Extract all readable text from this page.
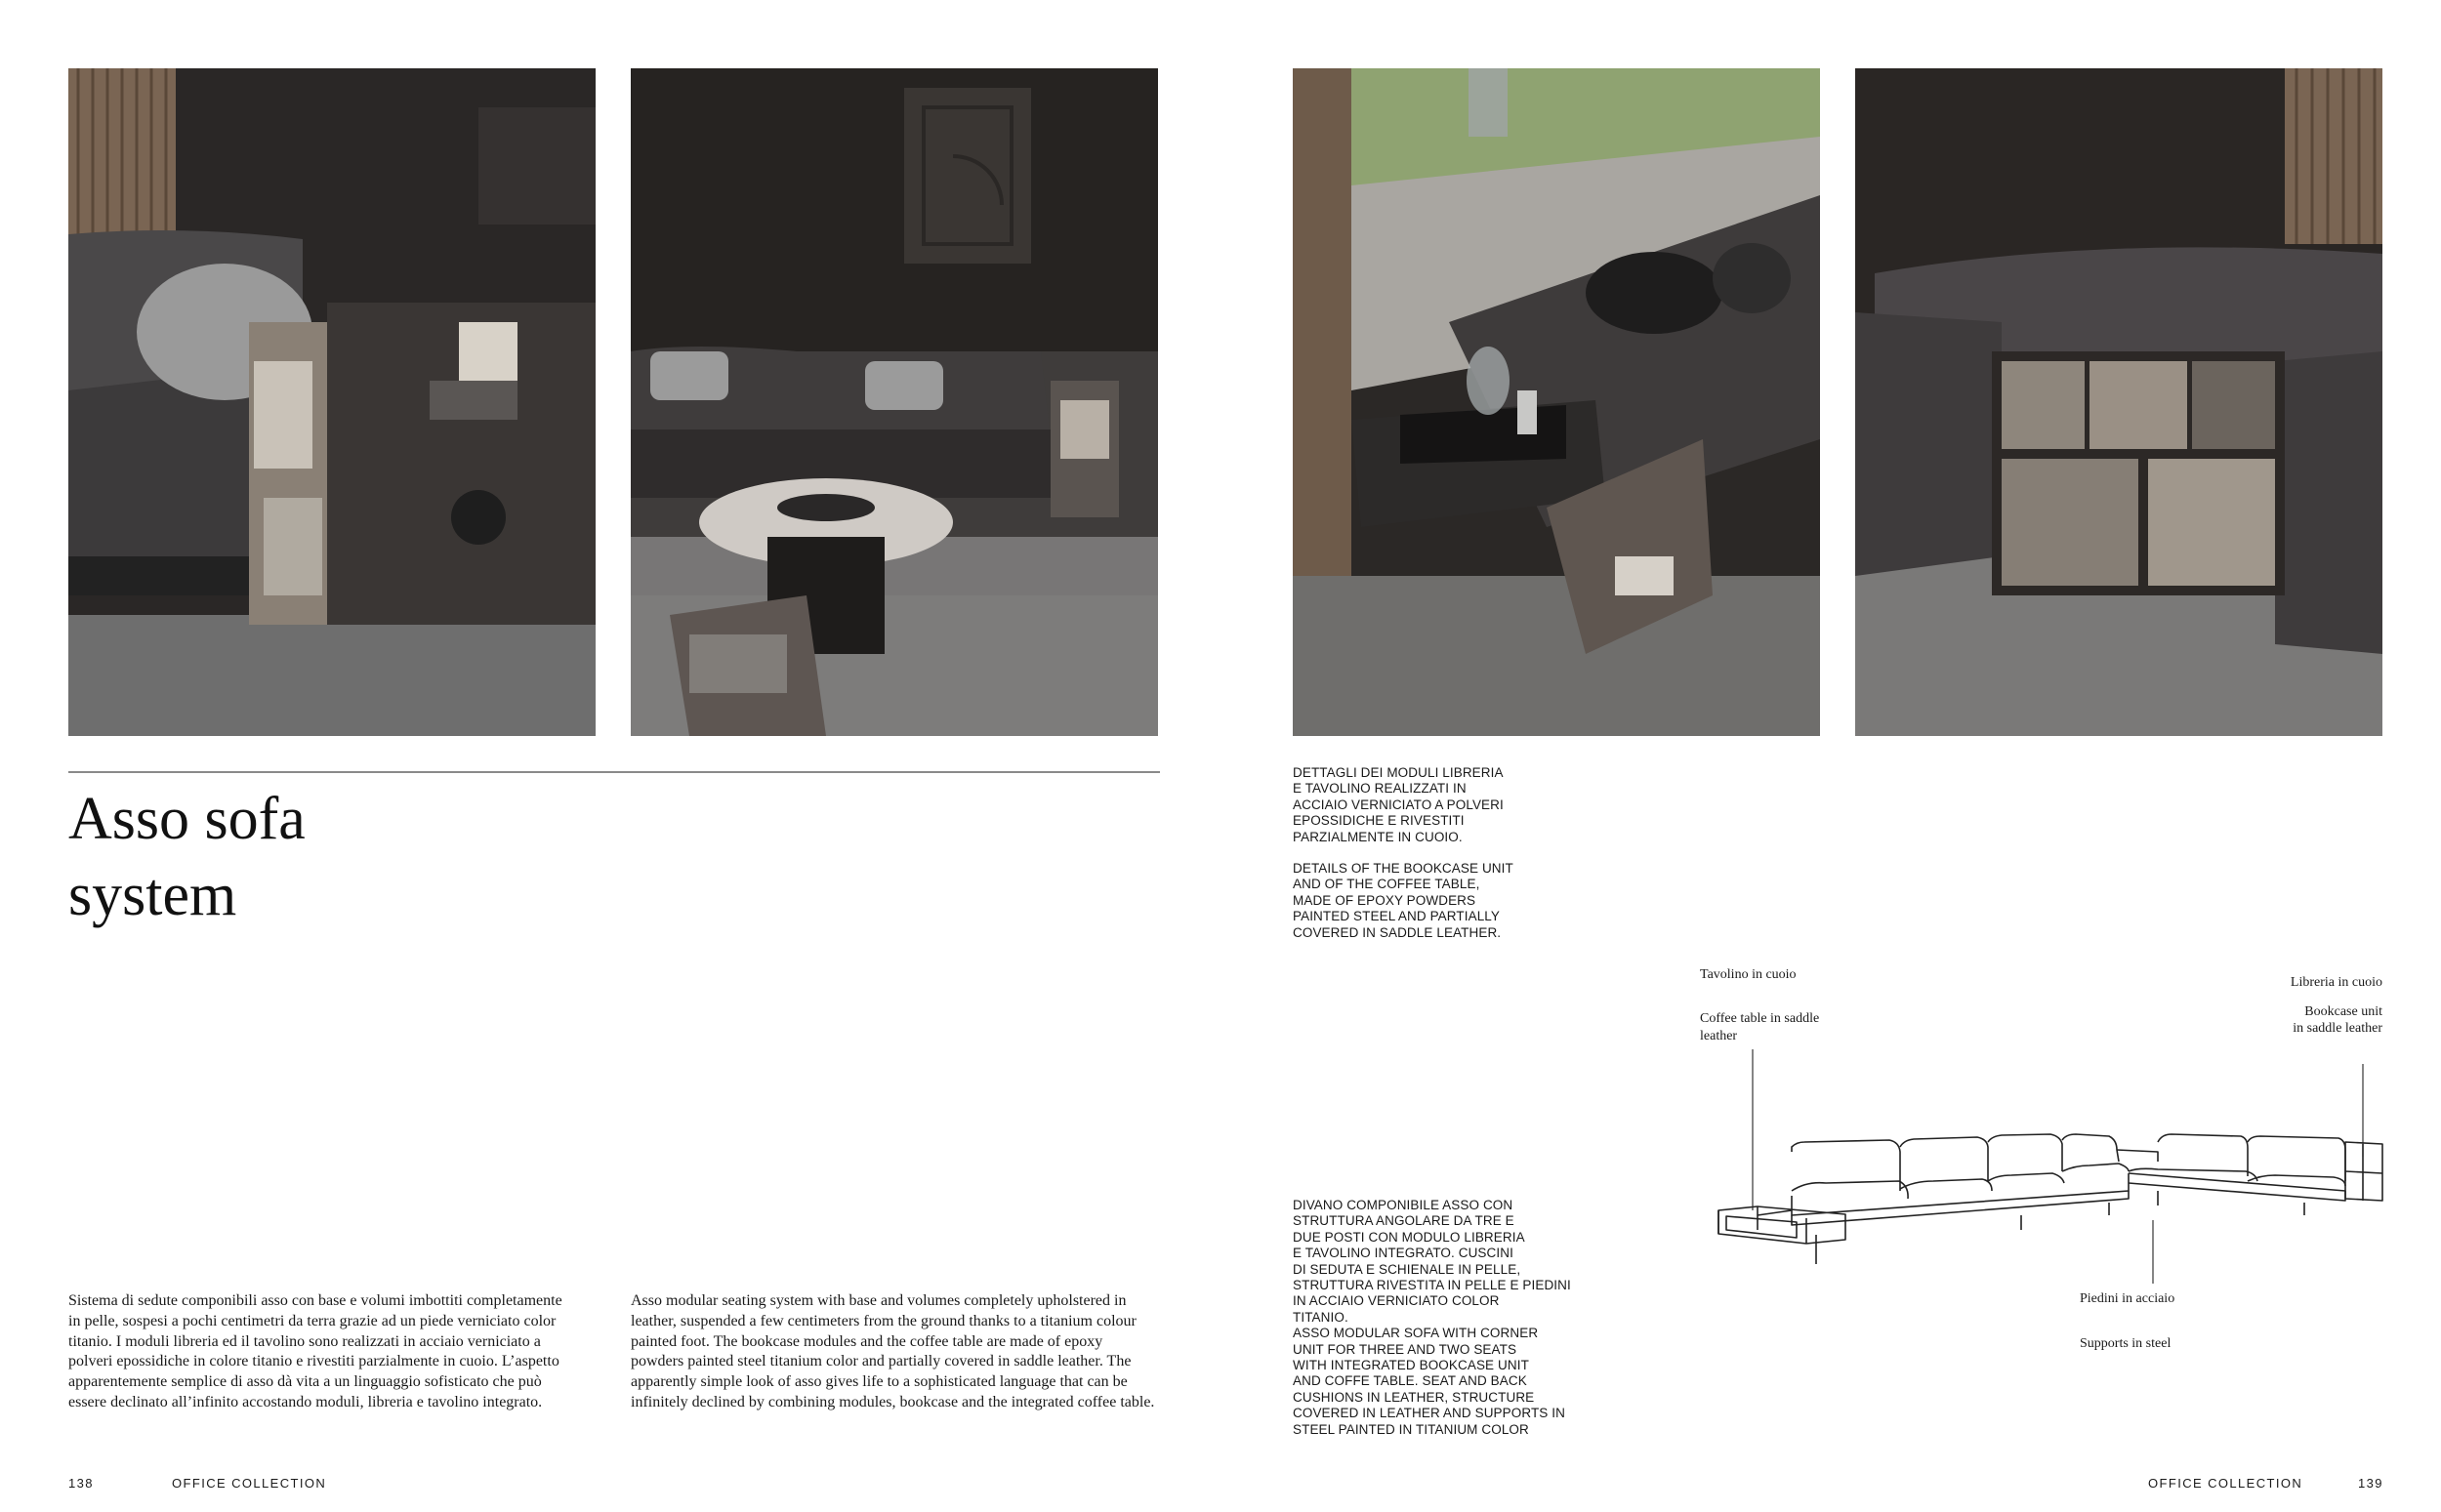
Asso sofa
system
Sistema di sedute componibili asso con base e volumi imbottiti completamente in pelle, sospesi a pochi centimetri da terra grazie ad un piede verniciato color titanio. I moduli libreria ed il tavolino sono realizzati in acciaio verniciato a polveri epossidiche in colore titanio e rivestiti parzialmente in cuoio. L’aspetto apparentemente semplice di asso dà vita a un linguaggio sofisticato che può essere declinato all’infinito accostando moduli, libreria e tavolino integrato.
Asso modular seating system with base and volumes completely upholstered in leather, suspended a few centimeters from the ground thanks to a titanium colour painted foot. The bookcase modules and the coffee table are made of epoxy powders painted steel titanium color and partially covered in saddle leather. The apparently simple look of asso gives life to a sophisticated language that can be infinitely declined by combining modules, bookcase and the integrated coffee table.
138	OFFICE COLLECTION
DETTAGLI DEI MODULI LIBRERIA
E TAVOLINO REALIZZATI IN
ACCIAIO VERNICIATO A POLVERI
EPOSSIDICHE E RIVESTITI
PARZIALMENTE IN CUOIO.
DETAILS OF THE BOOKCASE UNIT
AND OF THE COFFEE TABLE,
MADE OF EPOXY POWDERS
PAINTED STEEL AND PARTIALLY
COVERED IN SADDLE LEATHER.
DIVANO COMPONIBILE ASSO CON
STRUTTURA ANGOLARE DA TRE E
DUE POSTI CON MODULO LIBRERIA
E TAVOLINO INTEGRATO. CUSCINI
DI SEDUTA E SCHIENALE IN PELLE,
STRUTTURA RIVESTITA IN PELLE E PIEDINI
IN ACCIAIO VERNICIATO COLOR
TITANIO.
ASSO MODULAR SOFA WITH CORNER
UNIT FOR THREE AND TWO SEATS
WITH INTEGRATED BOOKCASE UNIT
AND COFFE TABLE. SEAT AND BACK
CUSHIONS IN LEATHER, STRUCTURE
COVERED IN LEATHER AND SUPPORTS IN
STEEL PAINTED IN TITANIUM COLOR
Tavolino in cuoio
Coffee table in saddle leather
Libreria in cuoio
Bookcase unit
in saddle leather
Piedini in acciaio
Supports in steel
OFFICE COLLECTION	139
